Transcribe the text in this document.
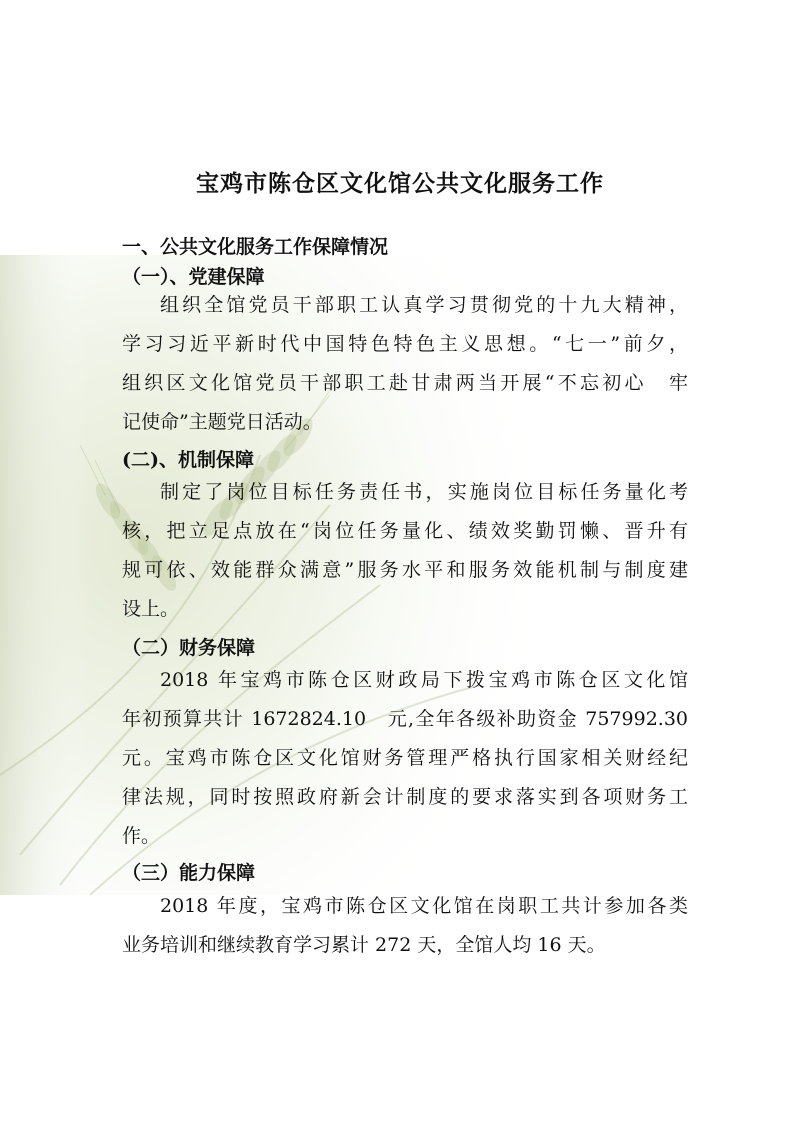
宝鸡市陈仓区文化馆公共文化服务工作
一、公共文化服务工作保障情况
（一）、党建保障
组织全馆党员干部职工认真学习贯彻党的十九大精神，
学习习近平新时代中国特色特色主义思想。“七一”前夕，
组织区文化馆党员干部职工赴甘肃两当开展“不忘初心　牢
记使命”主题党日活动。
(二)、机制保障
制定了岗位目标任务责任书，实施岗位目标任务量化考
核，把立足点放在“岗位任务量化、绩效奖勤罚懒、晋升有
规可依、效能群众满意”服务水平和服务效能机制与制度建
设上。
（二）财务保障
2018 年宝鸡市陈仓区财政局下拨宝鸡市陈仓区文化馆
年初预算共计 1672824.10　元,全年各级补助资金 757992.30
元。宝鸡市陈仓区文化馆财务管理严格执行国家相关财经纪
律法规，同时按照政府新会计制度的要求落实到各项财务工
作。
（三）能力保障
2018 年度，宝鸡市陈仓区文化馆在岗职工共计参加各类
业务培训和继续教育学习累计 272 天，全馆人均 16 天。
